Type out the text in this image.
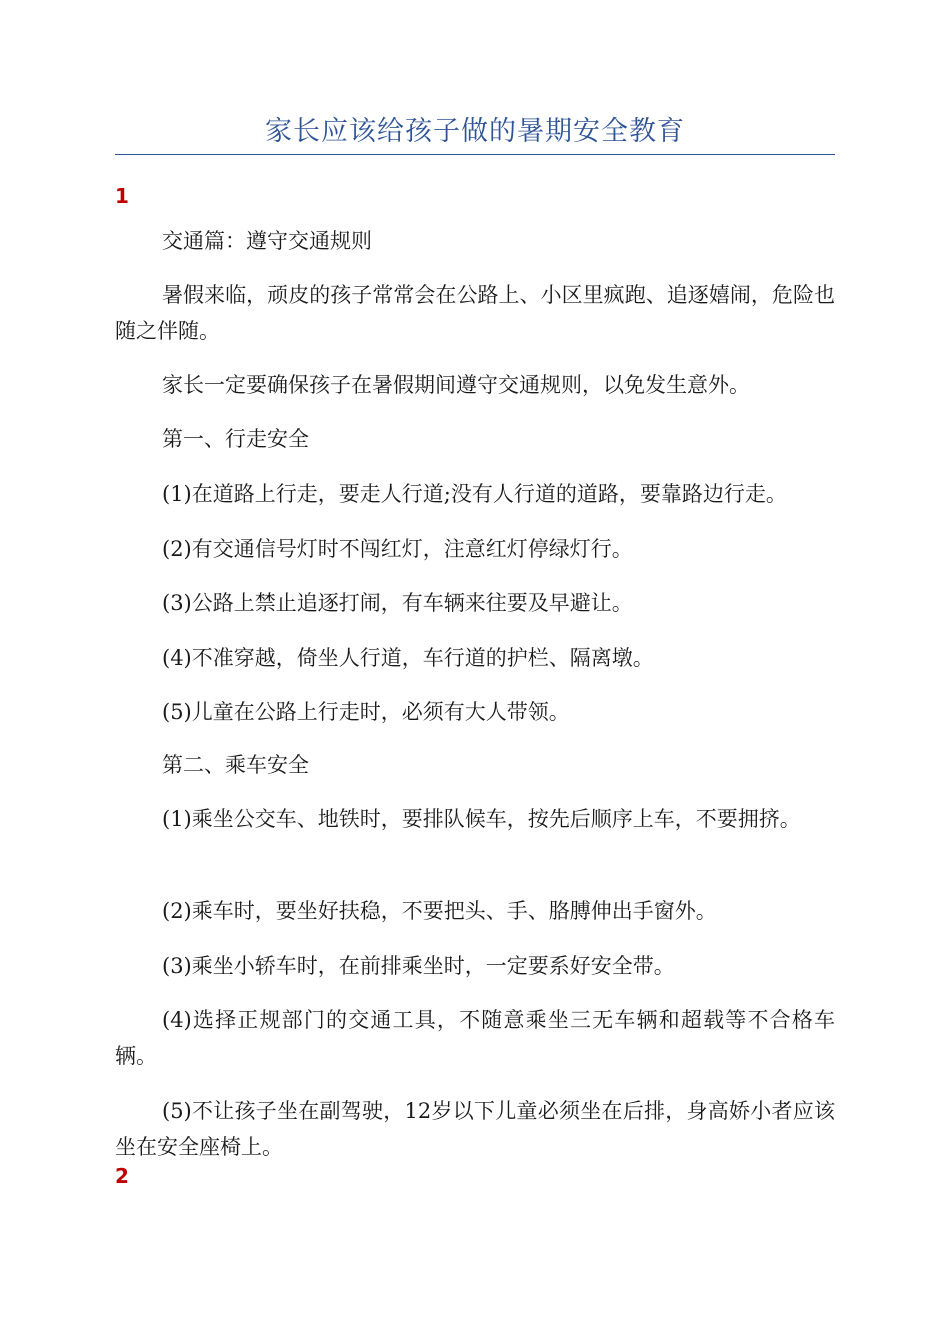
家长应该给孩子做的暑期安全教育
1

交通篇：遵守交通规则

暑假来临，顽皮的孩子常常会在公路上、小区里疯跑、追逐嬉闹，危险也随之伴随。

家长一定要确保孩子在暑假期间遵守交通规则，以免发生意外。

第一、行走安全

(1)在道路上行走，要走人行道;没有人行道的道路，要靠路边行走。

(2)有交通信号灯时不闯红灯，注意红灯停绿灯行。

(3)公路上禁止追逐打闹，有车辆来往要及早避让。

(4)不准穿越，倚坐人行道，车行道的护栏、隔离墩。

(5)儿童在公路上行走时，必须有大人带领。

第二、乘车安全

(1)乘坐公交车、地铁时，要排队候车，按先后顺序上车，不要拥挤。

(2)乘车时，要坐好扶稳，不要把头、手、胳膊伸出手窗外。

(3)乘坐小轿车时，在前排乘坐时，一定要系好安全带。

(4)选择正规部门的交通工具，不随意乘坐三无车辆和超载等不合格车辆。

(5)不让孩子坐在副驾驶，12岁以下儿童必须坐在后排，身高娇小者应该坐在安全座椅上。

2
